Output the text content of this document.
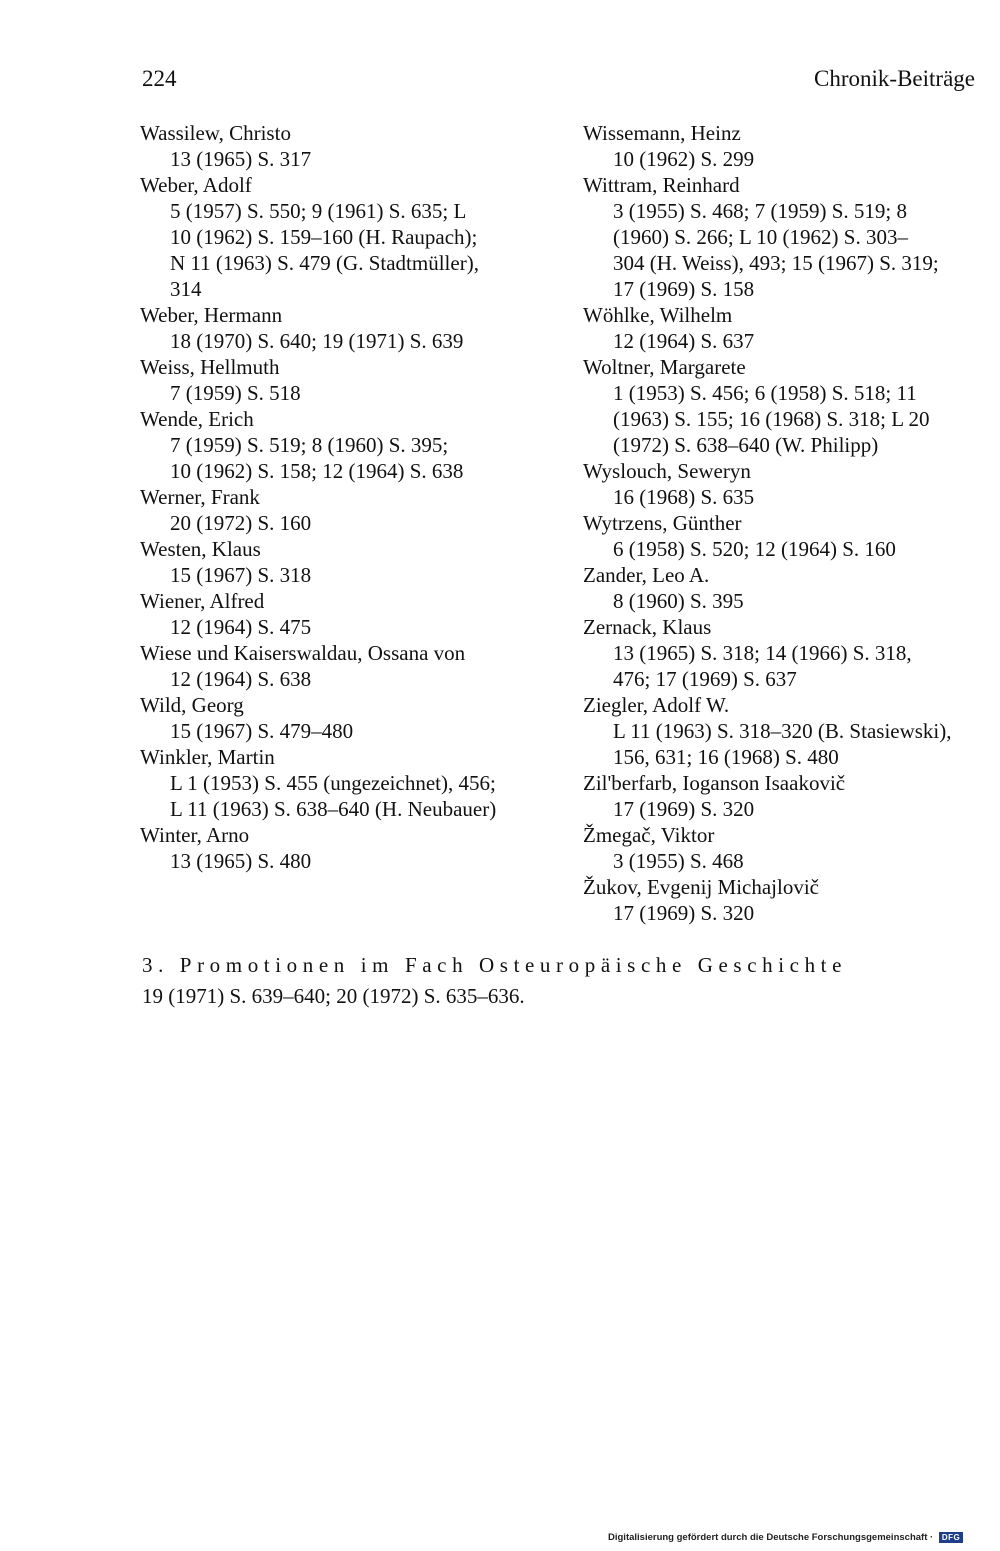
224	Chronik-Beiträge
Wassilew, Christo
13 (1965) S. 317
Weber, Adolf
5 (1957) S. 550; 9 (1961) S. 635; L
10 (1962) S. 159–160 (H. Raupach);
N 11 (1963) S. 479 (G. Stadtmüller),
314
Weber, Hermann
18 (1970) S. 640; 19 (1971) S. 639
Weiss, Hellmuth
7 (1959) S. 518
Wende, Erich
7 (1959) S. 519; 8 (1960) S. 395;
10 (1962) S. 158; 12 (1964) S. 638
Werner, Frank
20 (1972) S. 160
Westen, Klaus
15 (1967) S. 318
Wiener, Alfred
12 (1964) S. 475
Wiese und Kaiserswaldau, Ossana von
12 (1964) S. 638
Wild, Georg
15 (1967) S. 479–480
Winkler, Martin
L 1 (1953) S. 455 (ungezeichnet), 456;
L 11 (1963) S. 638–640 (H. Neubauer)
Winter, Arno
13 (1965) S. 480
Wissemann, Heinz
10 (1962) S. 299
Wittram, Reinhard
3 (1955) S. 468; 7 (1959) S. 519; 8
(1960) S. 266; L 10 (1962) S. 303–
304 (H. Weiss), 493; 15 (1967) S. 319;
17 (1969) S. 158
Wöhlke, Wilhelm
12 (1964) S. 637
Woltner, Margarete
1 (1953) S. 456; 6 (1958) S. 518; 11
(1963) S. 155; 16 (1968) S. 318; L 20
(1972) S. 638–640 (W. Philipp)
Wyslouch, Seweryn
16 (1968) S. 635
Wytrzens, Günther
6 (1958) S. 520; 12 (1964) S. 160
Zander, Leo A.
8 (1960) S. 395
Zernack, Klaus
13 (1965) S. 318; 14 (1966) S. 318,
476; 17 (1969) S. 637
Ziegler, Adolf W.
L 11 (1963) S. 318–320 (B. Stasiewski),
156, 631; 16 (1968) S. 480
Zil'berfarb, Ioganson Isaakovič
17 (1969) S. 320
Žmegač, Viktor
3 (1955) S. 468
Žukov, Evgenij Michajlovič
17 (1969) S. 320
3. Promotionen im Fach Osteuropäische Geschichte
19 (1971) S. 639–640; 20 (1972) S. 635–636.
Digitalisierung gefördert durch die Deutsche Forschungsgemeinschaft · DFG
